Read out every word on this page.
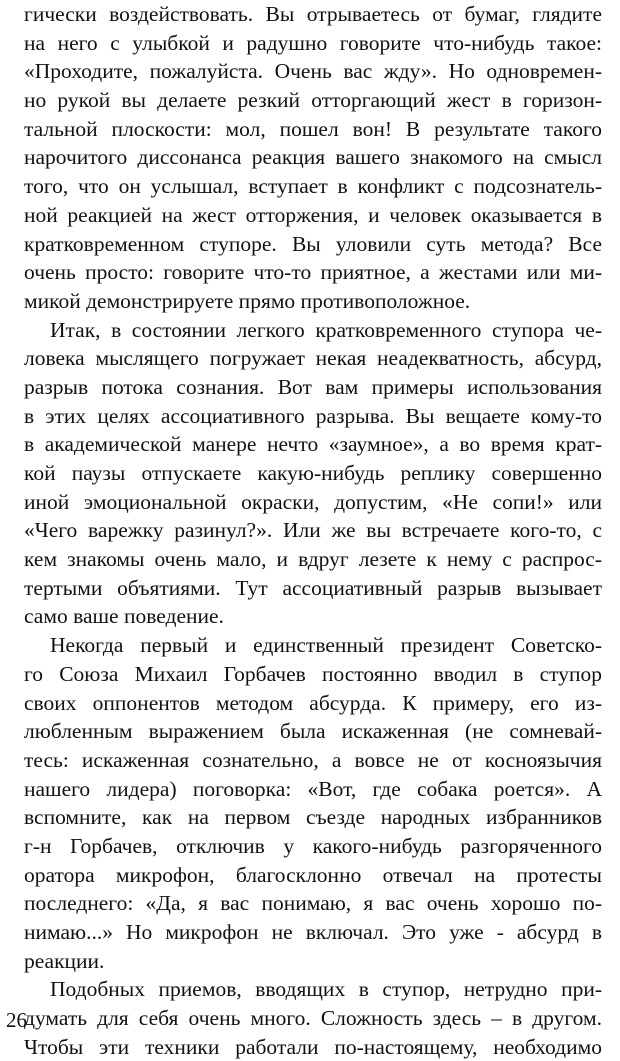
гически воздействовать. Вы отрываетесь от бумаг, глядите
на него с улыбкой и радушно говорите что-нибудь такое:
«Проходите, пожалуйста. Очень вас жду». Но одновремен-
но рукой вы делаете резкий отторгающий жест в горизон-
тальной плоскости: мол, пошел вон! В результате такого
нарочитого диссонанса реакция вашего знакомого на смысл
того, что он услышал, вступает в конфликт с подсознатель-
ной реакцией на жест отторжения, и человек оказывается в
кратковременном ступоре. Вы уловили суть метода? Все
очень просто: говорите что-то приятное, а жестами или ми-
микой демонстрируете прямо противоположное.
Итак, в состоянии легкого кратковременного ступора че-
ловека мыслящего погружает некая неадекватность, абсурд,
разрыв потока сознания. Вот вам примеры использования
в этих целях ассоциативного разрыва. Вы вещаете кому-то
в академической манере нечто «заумное», а во время крат-
кой паузы отпускаете какую-нибудь реплику совершенно
иной эмоциональной окраски, допустим, «Не сопи!» или
«Чего варежку разинул?». Или же вы встречаете кого-то, с
кем знакомы очень мало, и вдруг лезете к нему с распрос-
тертыми объятиями. Тут ассоциативный разрыв вызывает
само ваше поведение.
Некогда первый и единственный президент Советско-
го Союза Михаил Горбачев постоянно вводил в ступор
своих оппонентов методом абсурда. К примеру, его из-
любленным выражением была искаженная (не сомневай-
тесь: искаженная сознательно, а вовсе не от косноязычия
нашего лидера) поговорка: «Вот, где собака роется». А
вспомните, как на первом съезде народных избранников
г-н Горбачев, отключив у какого-нибудь разгоряченного
оратора микрофон, благосклонно отвечал на протесты
последнего: «Да, я вас понимаю, я вас очень хорошо по-
нимаю...» Но микрофон не включал. Это уже - абсурд в
реакции.
Подобных приемов, вводящих в ступор, нетрудно при-
думать для себя очень много. Сложность здесь – в другом.
Чтобы эти техники работали по-настоящему, необходимо
26
